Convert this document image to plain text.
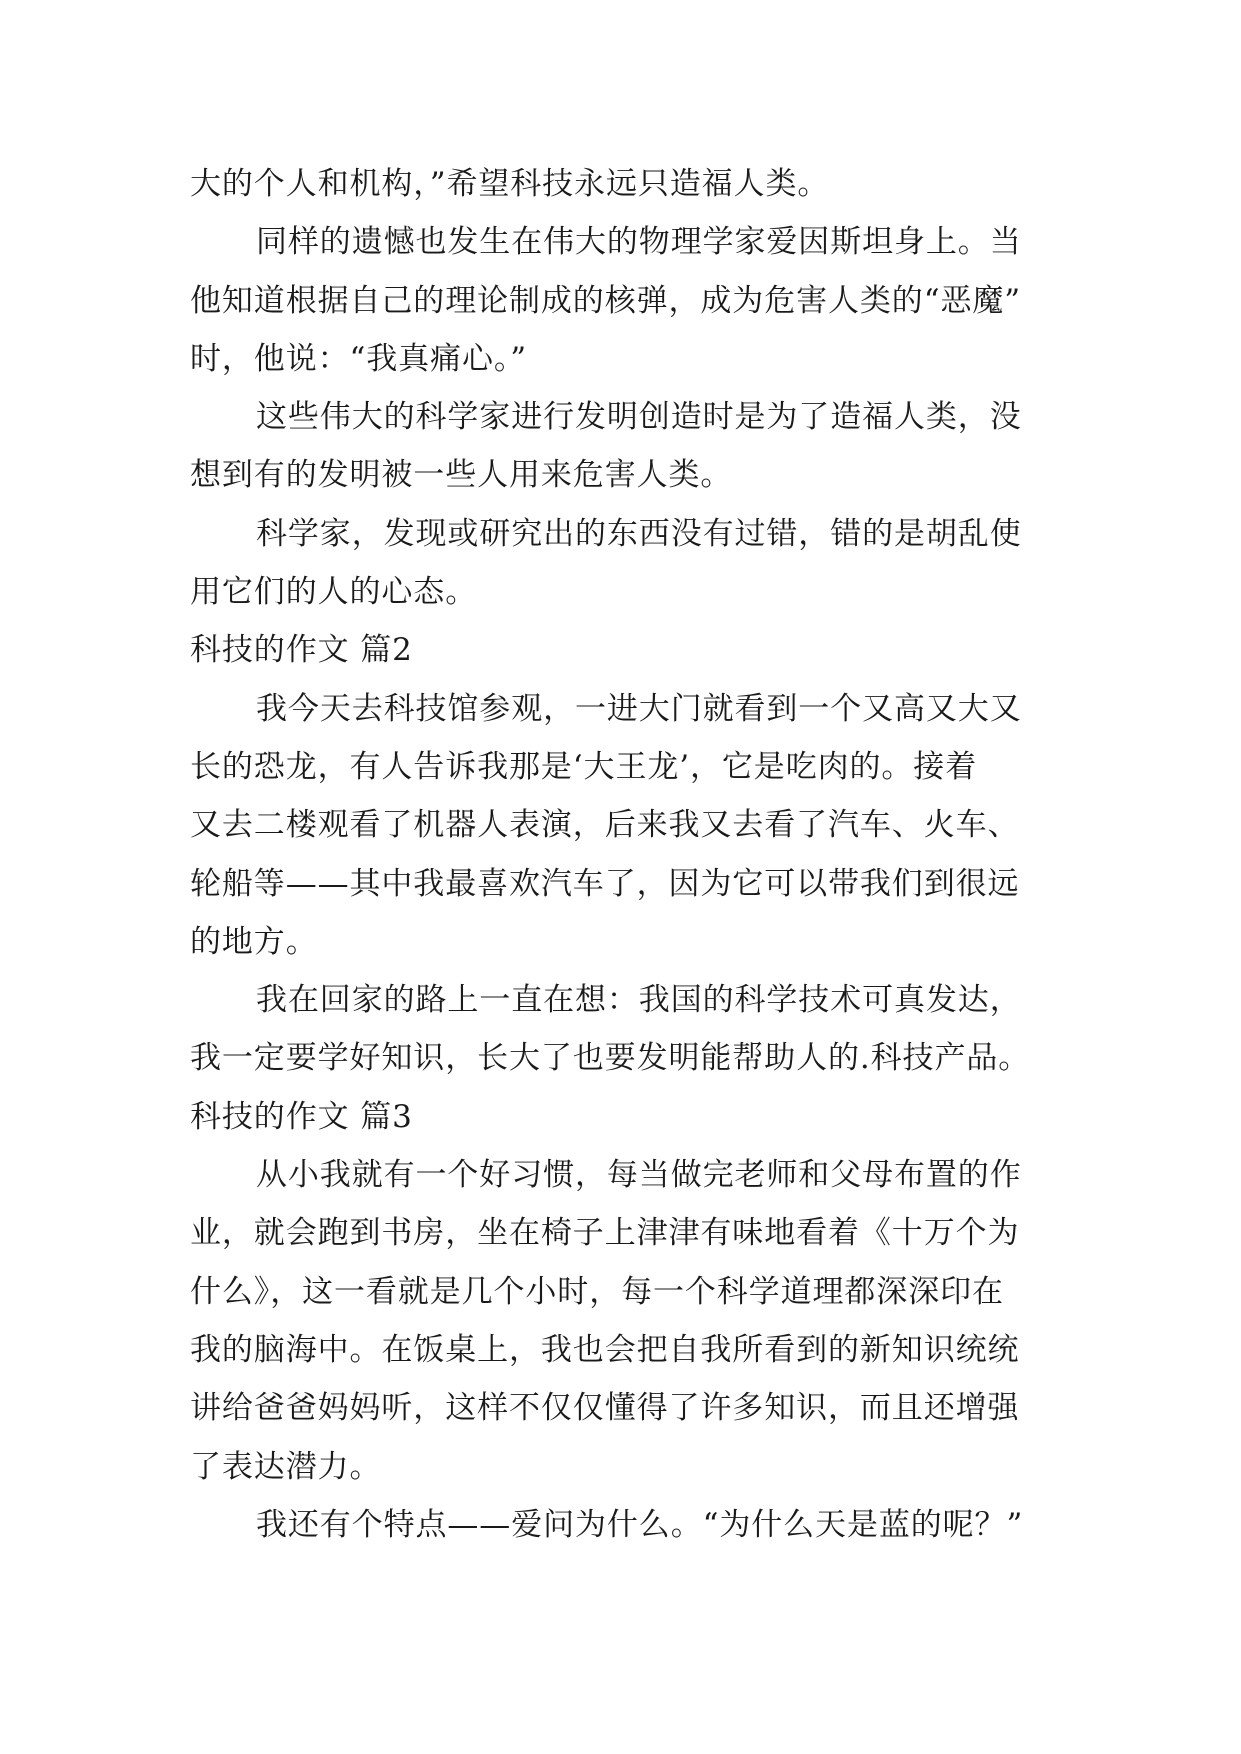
大的个人和机构，”希望科技永远只造福人类。
同样的遗憾也发生在伟大的物理学家爱因斯坦身上。当
他知道根据自己的理论制成的核弹，成为危害人类的“恶魔”
时，他说：“我真痛心。”
这些伟大的科学家进行发明创造时是为了造福人类，没
想到有的发明被一些人用来危害人类。
科学家，发现或研究出的东西没有过错，错的是胡乱使
用它们的人的心态。
科技的作文 篇2
我今天去科技馆参观，一进大门就看到一个又高又大又
长的恐龙，有人告诉我那是‘大王龙’，它是吃肉的。接着
又去二楼观看了机器人表演，后来我又去看了汽车、火车、
轮船等——其中我最喜欢汽车了，因为它可以带我们到很远
的地方。
我在回家的路上一直在想：我国的科学技术可真发达，
我一定要学好知识，长大了也要发明能帮助人的.科技产品。
科技的作文 篇3
从小我就有一个好习惯，每当做完老师和父母布置的作
业，就会跑到书房，坐在椅子上津津有味地看着《十万个为
什么》，这一看就是几个小时，每一个科学道理都深深印在
我的脑海中。在饭桌上，我也会把自我所看到的新知识统统
讲给爸爸妈妈听，这样不仅仅懂得了许多知识，而且还增强
了表达潜力。
我还有个特点——爱问为什么。“为什么天是蓝的呢？”
